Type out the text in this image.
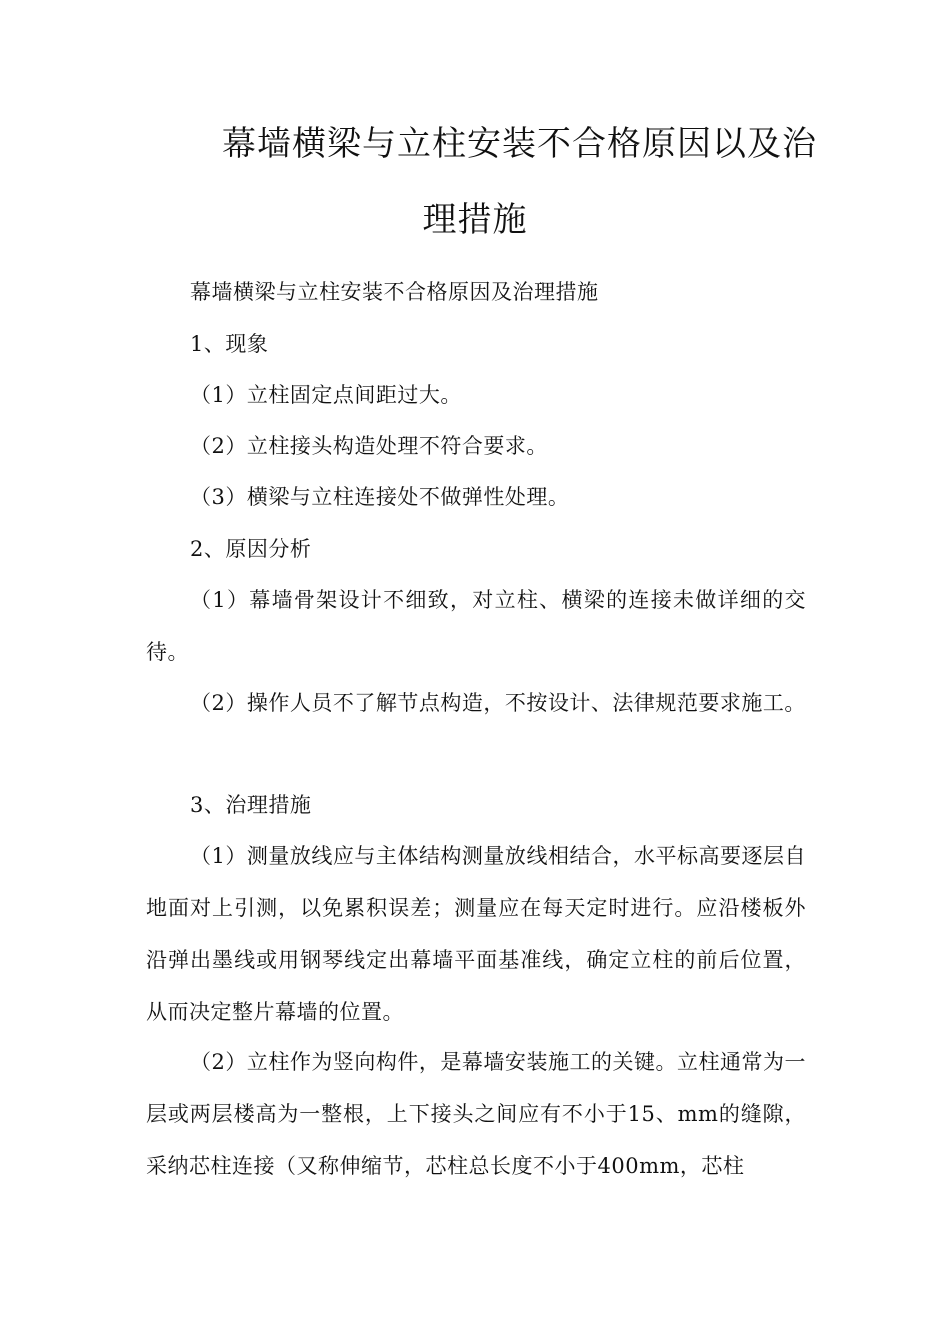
幕墙横梁与立柱安装不合格原因以及治
理措施
幕墙横梁与立柱安装不合格原因及治理措施
1、现象
（1）立柱固定点间距过大。
（2）立柱接头构造处理不符合要求。
（3）横梁与立柱连接处不做弹性处理。
2、原因分析
（1）幕墙骨架设计不细致，对立柱、横梁的连接未做详细的交待。
（2）操作人员不了解节点构造，不按设计、法律规范要求施工。
3、治理措施
（1）测量放线应与主体结构测量放线相结合，水平标高要逐层自地面对上引测，以免累积误差；测量应在每天定时进行。应沿楼板外沿弹出墨线或用钢琴线定出幕墙平面基准线，确定立柱的前后位置，从而决定整片幕墙的位置。
（2）立柱作为竖向构件，是幕墙安装施工的关键。立柱通常为一层或两层楼高为一整根，上下接头之间应有不小于15、mm的缝隙，采纳芯柱连接（又称伸缩节，芯柱总长度不小于400mm，芯柱
